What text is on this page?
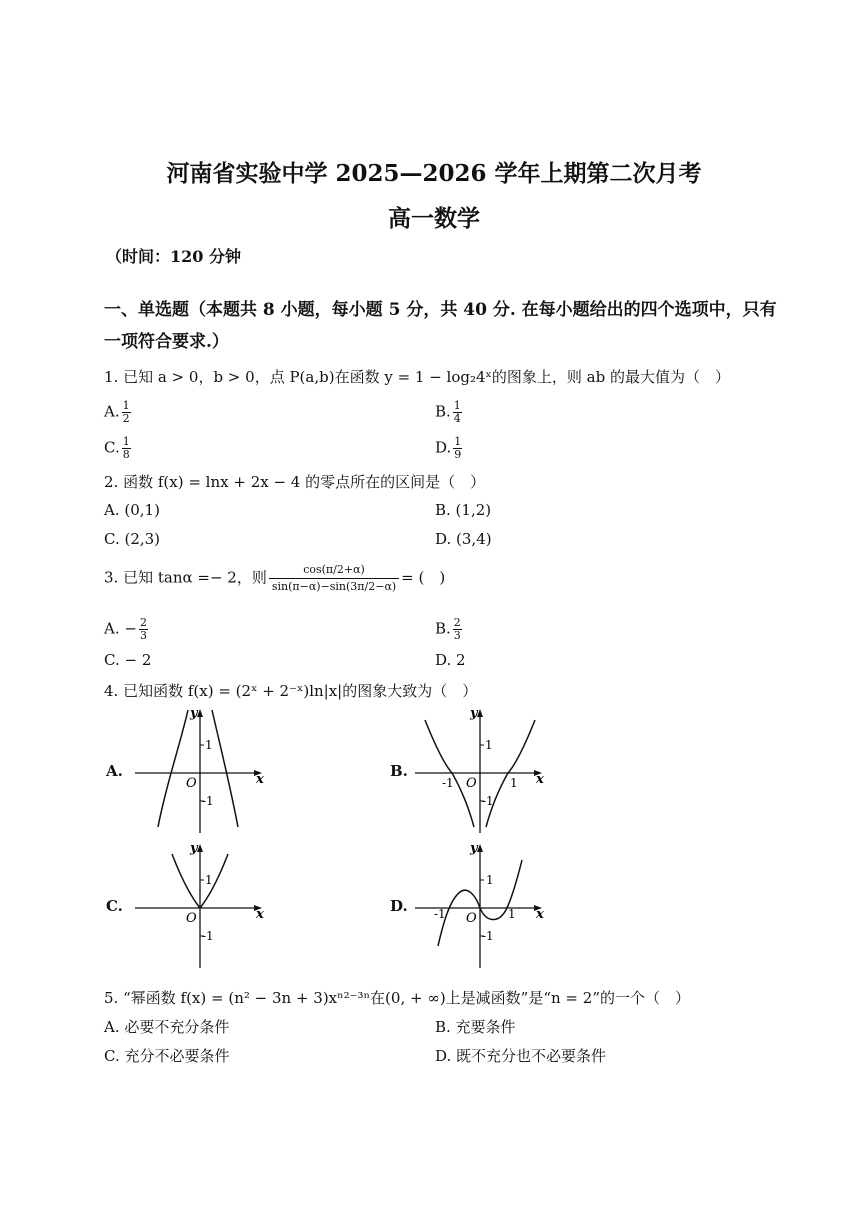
河南省实验中学 2025—2026 学年上期第二次月考
高一数学
（时间：120 分钟
一、单选题（本题共 8 小题，每小题 5 分，共 40 分. 在每小题给出的四个选项中，只有
一项符合要求.）
1. 已知 a > 0，b > 0，点 P(a,b)在函数 y = 1 − log₂4ˣ的图象上，则 ab 的最大值为（　）
A. $\frac{1}{2}$	B. $\frac{1}{4}$
C. $\frac{1}{8}$	D. $\frac{1}{9}$
2. 函数 f(x) = lnx + 2x − 4 的零点所在的区间是（　）
A. (0,1)	B. (1,2)
C. (2,3)	D. (3,4)
3. 已知 tanα =− 2，则 $\frac{\cos(\pi/2+\alpha)}{\sin(\pi-\alpha)-\sin(3\pi/2-\alpha)}$ = (　)
A. − $\frac{2}{3}$	B. $\frac{2}{3}$
C. − 2	D. 2
4. 已知函数 f(x) = (2ˣ + 2⁻ˣ)ln|x|的图象大致为（　）
A.
y
x
O
1
-1
B.
y
x
O
1
-1
-1	1
C.
y
x
O
1
-1
D.
y
x
O
1
-1
-1	1
5. “幂函数 f(x) = (n² − 3n + 3)xⁿ²⁻³ⁿ在(0, + ∞)上是减函数”是“n = 2”的一个（　）
A. 必要不充分条件	B. 充要条件
C. 充分不必要条件	D. 既不充分也不必要条件
